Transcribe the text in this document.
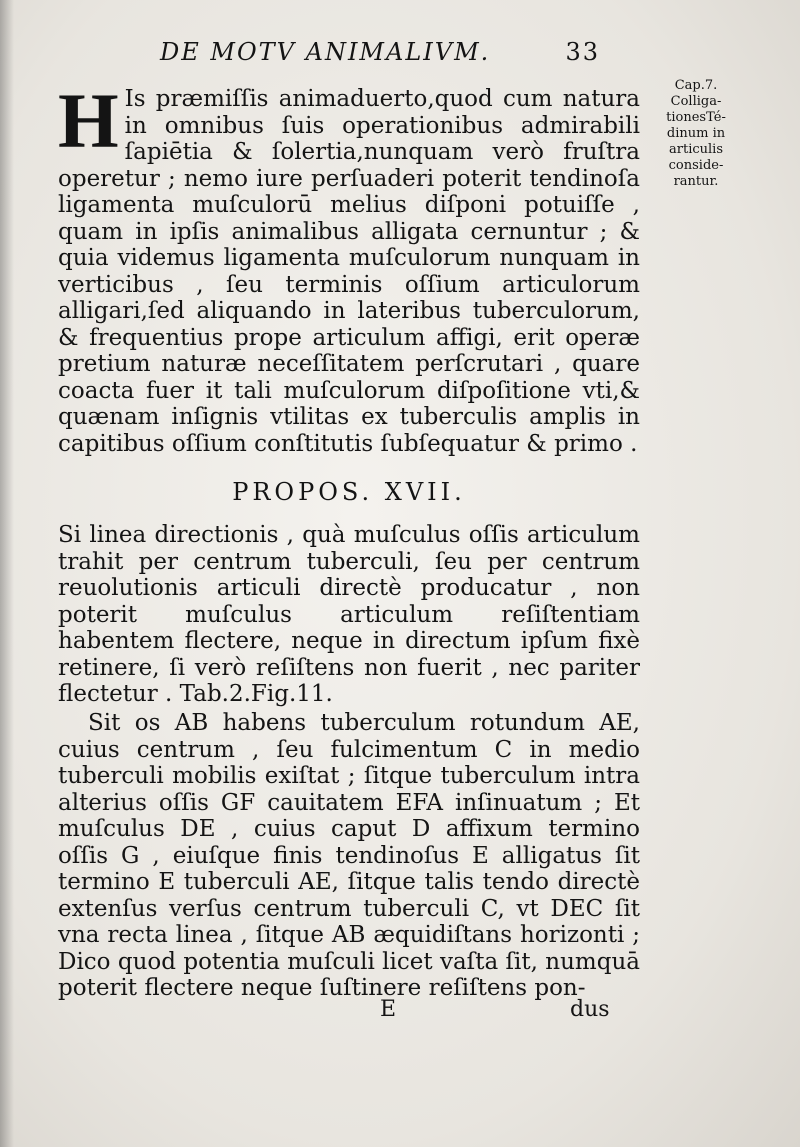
DE MOTV ANIMALIVM.	33
H Is præmiſſis animaduerto,quod cum natura in omnibus ſuis operationibus admirabili ſapiētia & ſolertia,nunquam verò fruſtra operetur ; nemo iure perſuaderi poterit tendinoſa ligamenta muſculorū melius diſponi potuiſſe , quam in ipſis animalibus alligata cernuntur ; & quia videmus ligamenta muſculorum nunquam in verticibus , ſeu terminis oſſium articulorum alligari,ſed aliquando in lateribus tuberculorum, & frequentius prope articulum affigi, erit operæ pretium naturæ neceſſitatem perſcrutari , quare coacta fuer it tali muſculorum diſpoſitione vti,& quænam inſignis vtilitas ex tuberculis amplis in capitibus oſſium conſtitutis ſubſequatur & primo .
Cap.7.
Colliga-
tionesTé-
dinum in
articulis
conside-
rantur.
PROPOS. XVII.
Si linea directionis , quà muſculus oſſis articulum trahit per centrum tuberculi, ſeu per centrum reuolutionis articuli directè producatur , non poterit muſculus articulum reſiſtentiam habentem flectere, neque in directum ipſum fixè retinere, ſi verò reſiſtens non fuerit , nec pariter flectetur . Tab.2.Fig.11.
Sit os AB habens tuberculum rotundum AE, cuius centrum , ſeu fulcimentum C in medio tuberculi mobilis exiſtat ; ſitque tuberculum intra alterius oſſis GF cauitatem EFA inſinuatum ; Et muſculus DE , cuius caput D affixum termino oſſis G , eiuſque finis tendinoſus E alligatus ſit termino E tuberculi AE, ſitque talis tendo directè extenſus verſus centrum tuberculi C, vt DEC ſit vna recta linea , ſitque AB æquidiſtans horizonti ; Dico quod potentia muſculi licet vaſta ſit, numquā poterit flectere neque ſuſtinere reſiſtens pon-
E	dus
